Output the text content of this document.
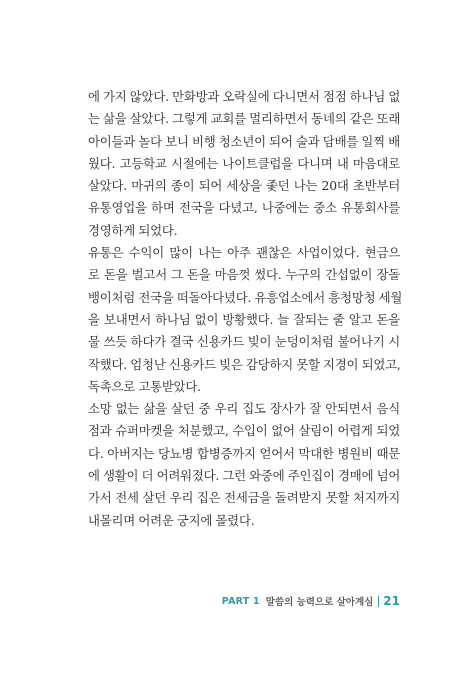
에 가지 않았다. 만화방과 오락실에 다니면서 점점 하나님 없
는 삶을 살았다. 그렇게 교회를 멀리하면서 동네의 같은 또래
아이들과 놀다 보니 비행 청소년이 되어 술과 담배를 일찍 배
웠다. 고등학교 시절에는 나이트클럽을 다니며 내 마음대로
살았다. 마귀의 종이 되어 세상을 좇던 나는 20대 초반부터
유통영업을 하며 전국을 다녔고, 나중에는 중소 유통회사를
경영하게 되었다.
유통은 수익이 많이 나는 아주 괜찮은 사업이었다. 현금으
로 돈을 벌고서 그 돈을 마음껏 썼다. 누구의 간섭없이 장돌
뱅이처럼 전국을 떠돌아다녔다. 유흥업소에서 흥청망청 세월
을 보내면서 하나님 없이 방황했다. 늘 잘되는 줄 알고 돈을
물 쓰듯 하다가 결국 신용카드 빚이 눈덩이처럼 불어나기 시
작했다. 엄청난 신용카드 빚은 감당하지 못할 지경이 되었고,
독촉으로 고통받았다.
소망 없는 삶을 살던 중 우리 집도 장사가 잘 안되면서 음식
점과 슈퍼마켓을 처분했고, 수입이 없어 살림이 어렵게 되었
다. 아버지는 당뇨병 합병증까지 얻어서 막대한 병원비 때문
에 생활이 더 어려워졌다. 그런 와중에 주인집이 경매에 넘어
가서 전세 살던 우리 집은 전세금을 돌려받지 못할 처지까지
내몰리며 어려운 궁지에 몰렸다.
PART 1 말씀의 능력으로 살아계심 21
